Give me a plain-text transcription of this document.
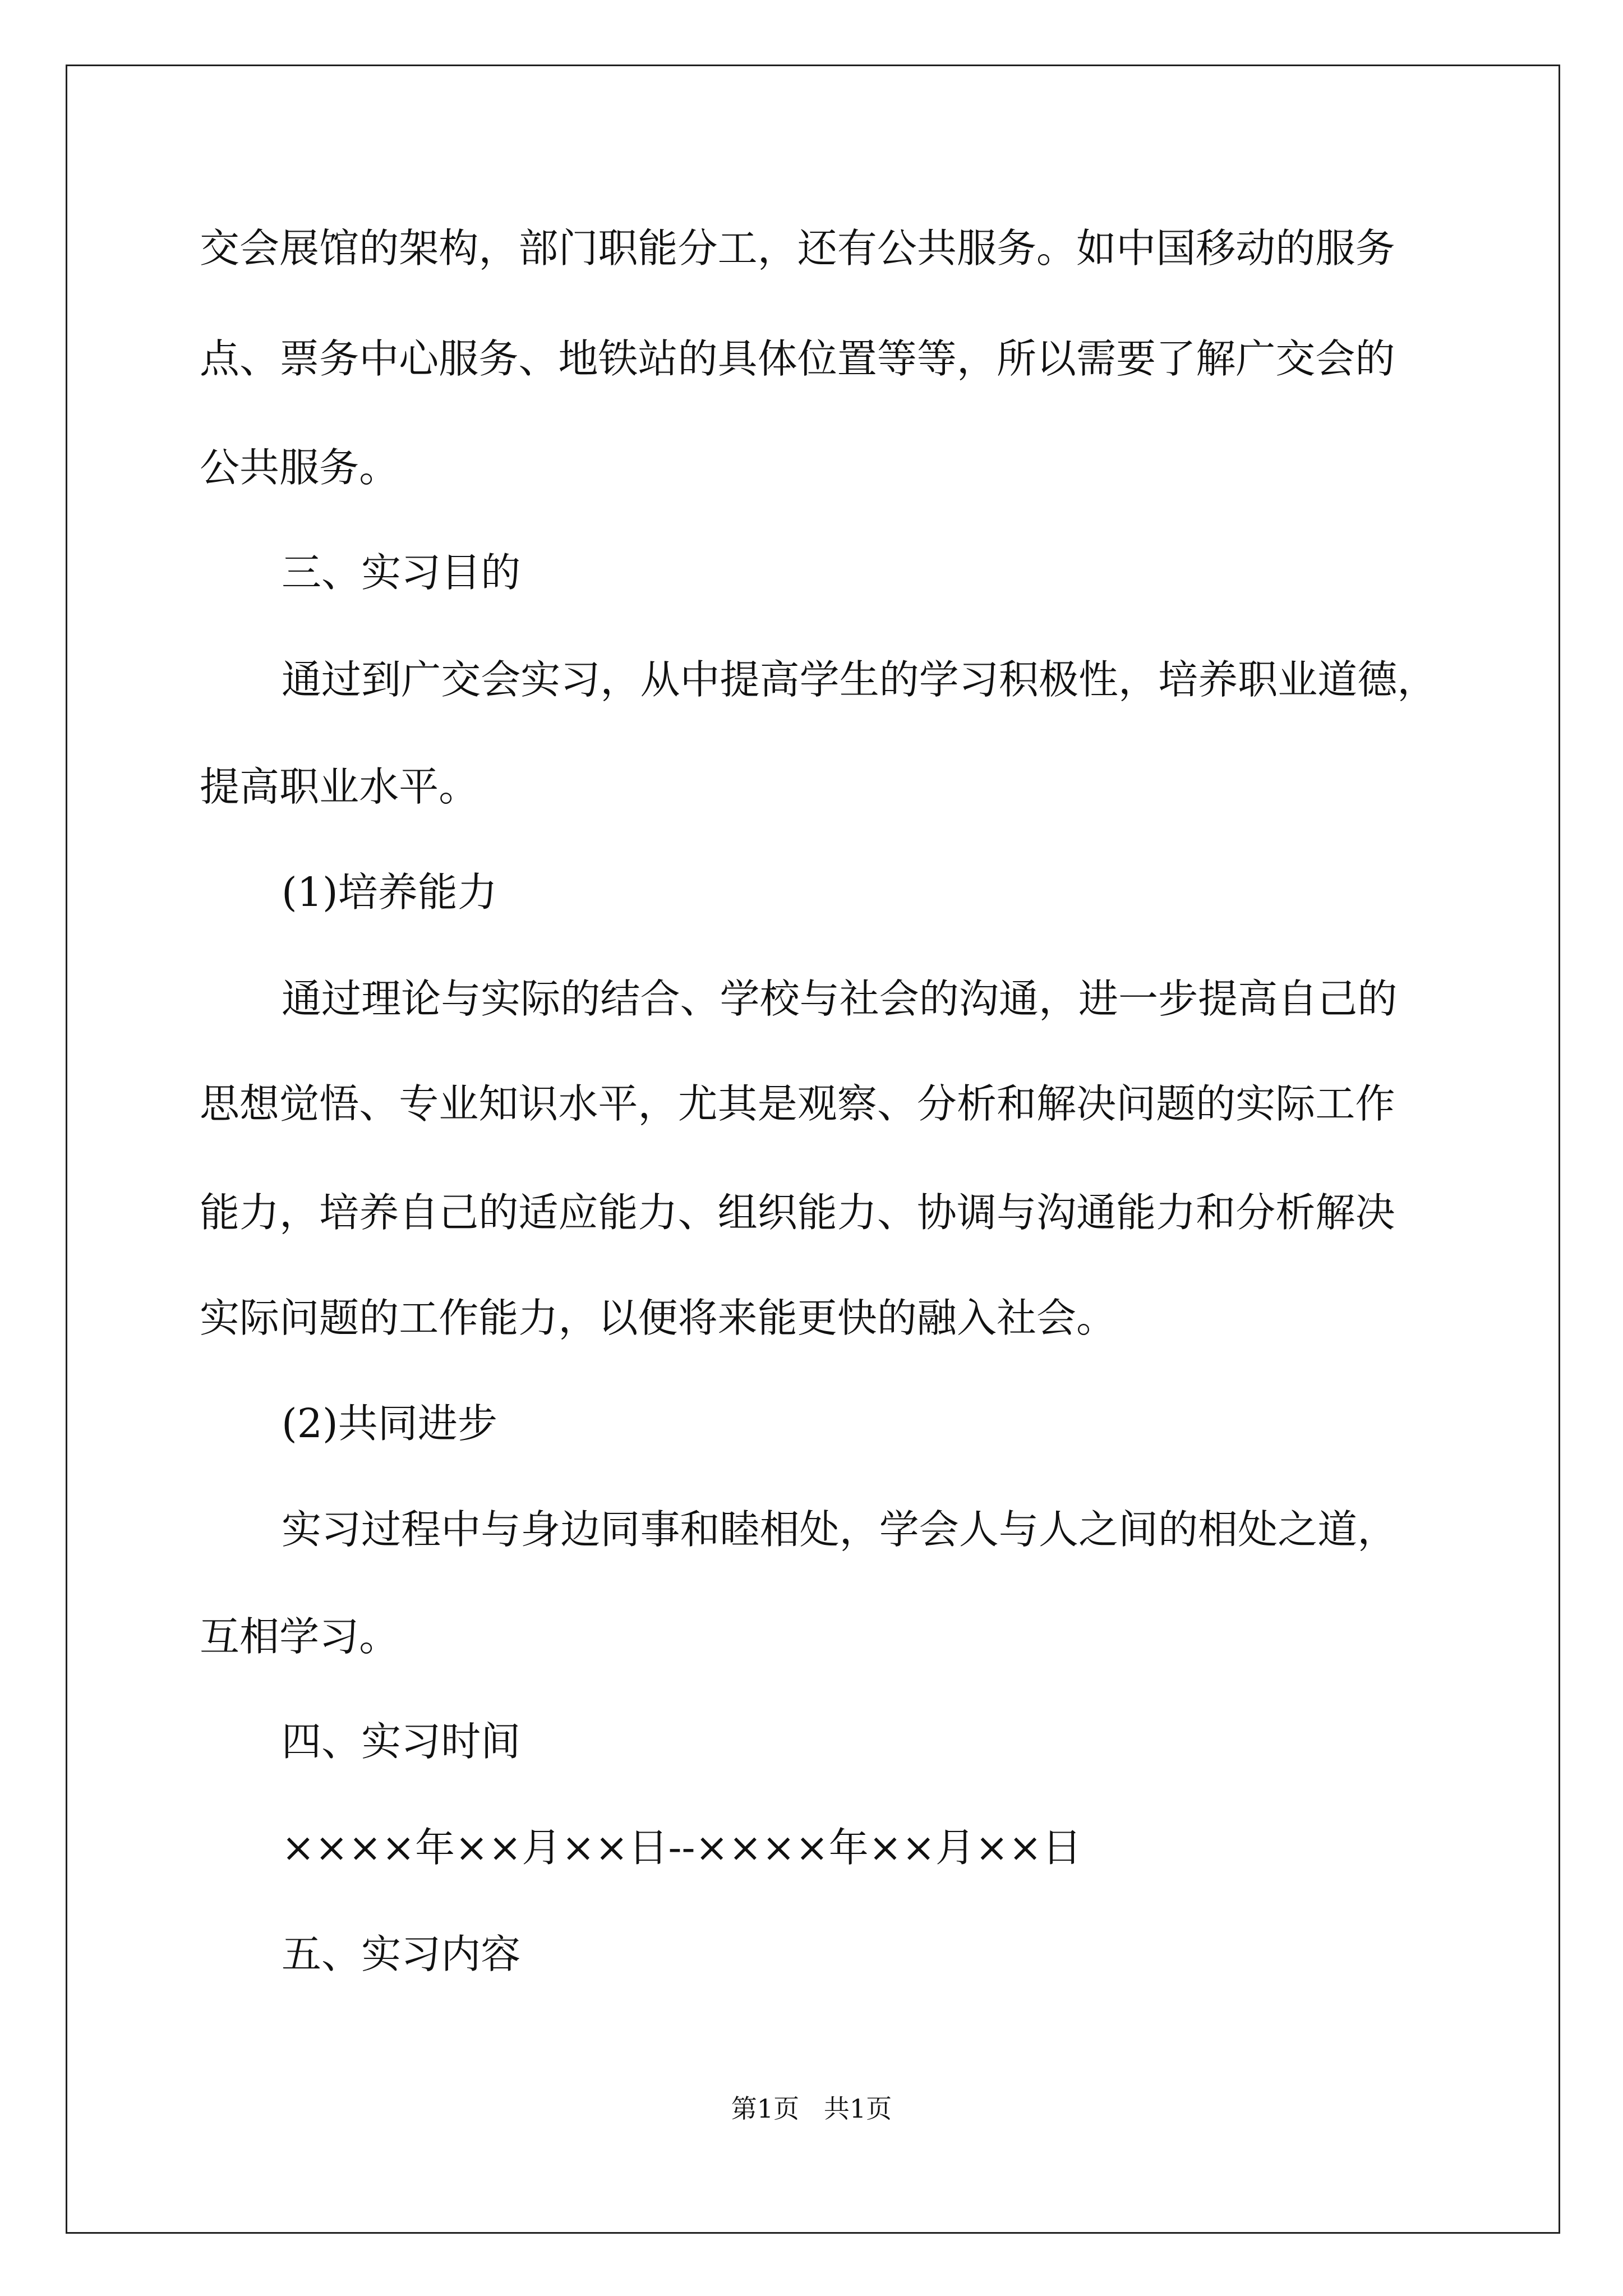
交会展馆的架构，部门职能分工，还有公共服务。如中国移动的服务
点、票务中心服务、地铁站的具体位置等等，所以需要了解广交会的
公共服务。
三、实习目的
通过到广交会实习，从中提高学生的学习积极性，培养职业道德，
提高职业水平。
(1)培养能力
通过理论与实际的结合、学校与社会的沟通，进一步提高自己的
思想觉悟、专业知识水平，尤其是观察、分析和解决问题的实际工作
能力，培养自己的适应能力、组织能力、协调与沟通能力和分析解决
实际问题的工作能力，以便将来能更快的融入社会。
(2)共同进步
实习过程中与身边同事和睦相处，学会人与人之间的相处之道，
互相学习。
四、实习时间
××××年××月××日--××××年××月××日
五、实习内容
第1页   共1页
